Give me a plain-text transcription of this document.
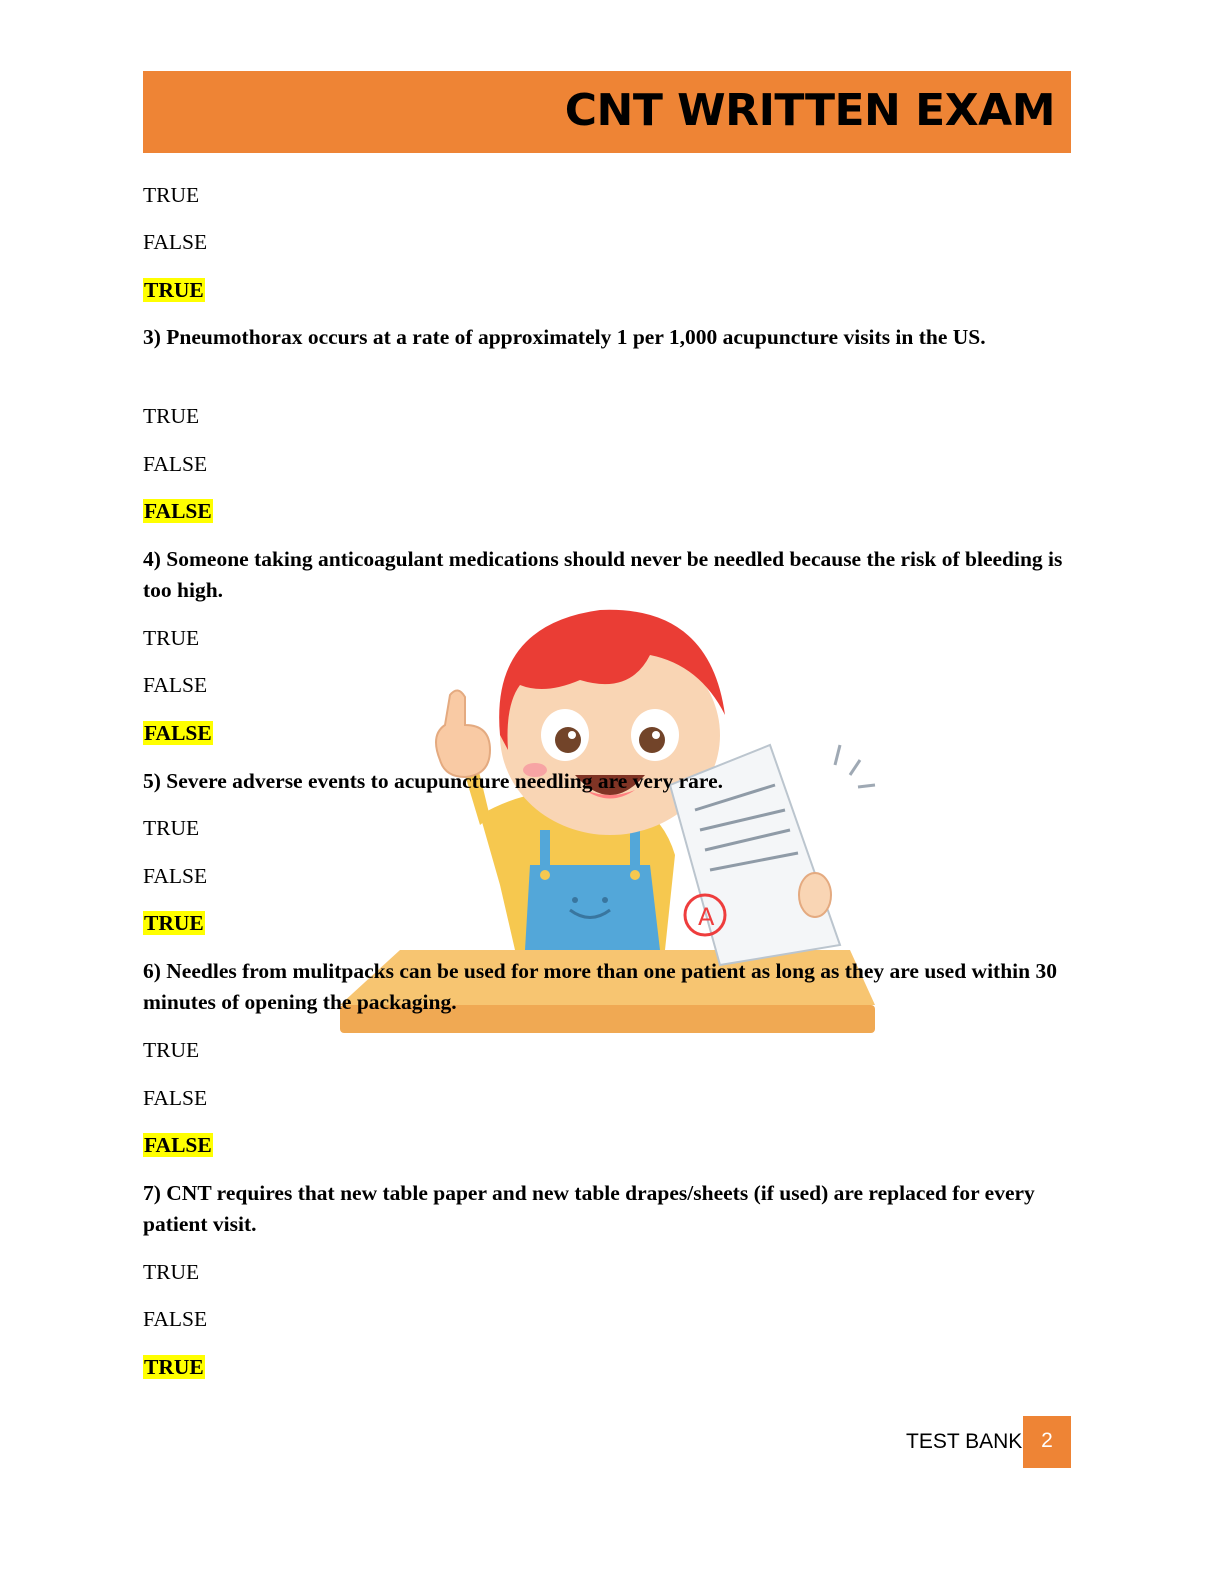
CNT WRITTEN EXAM
TRUE
FALSE
TRUE
3) Pneumothorax occurs at a rate of approximately 1 per 1,000 acupuncture visits in the US.
TRUE
FALSE
FALSE
4) Someone taking anticoagulant medications should never be needled because the risk of bleeding is too high.
TRUE
FALSE
FALSE
A
5) Severe adverse events to acupuncture needling are very rare.
TRUE
FALSE
TRUE
6) Needles from mulitpacks can be used for more than one patient as long as they are used within 30 minutes of opening the packaging.
TRUE
FALSE
FALSE
7) CNT requires that new table paper and new table drapes/sheets (if used) are replaced for every patient visit.
TRUE
FALSE
TRUE
TEST BANK 2
